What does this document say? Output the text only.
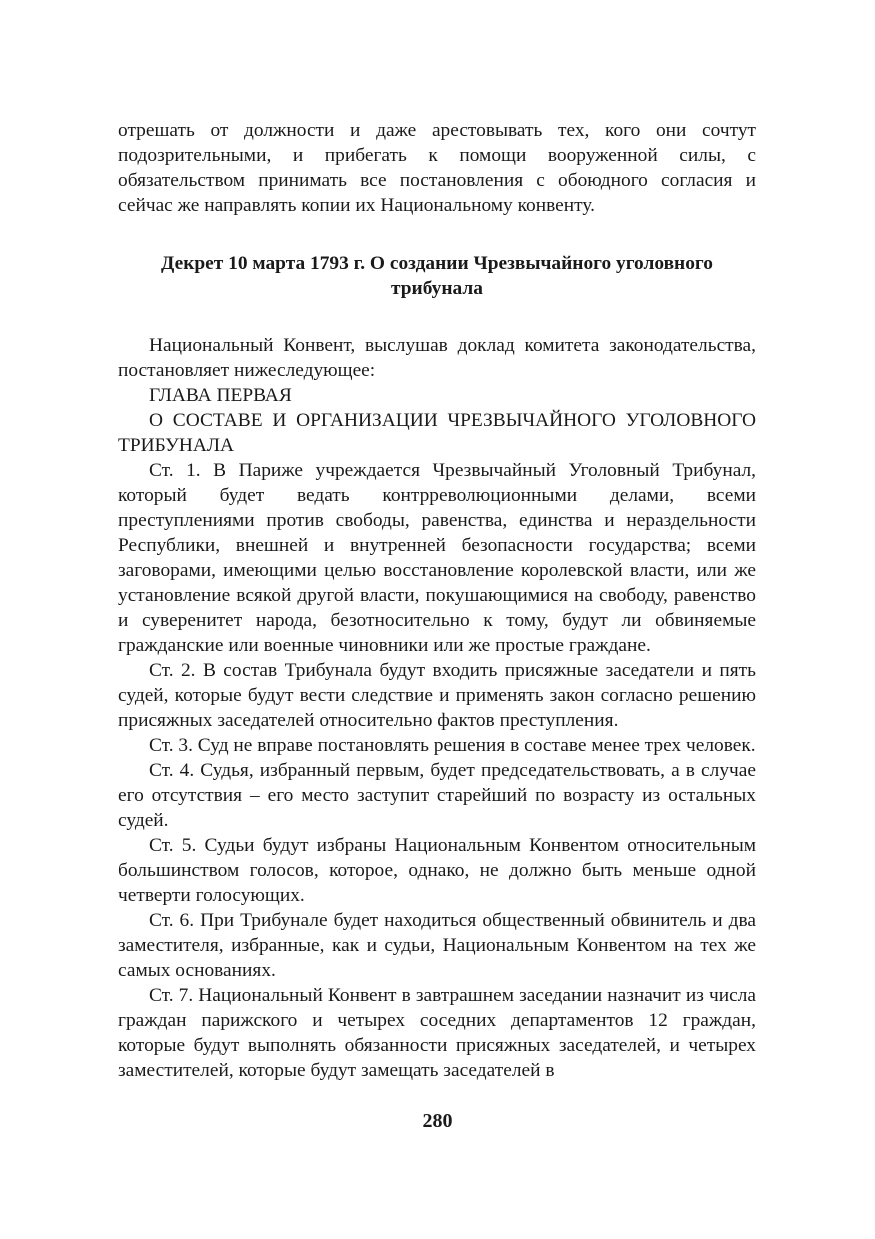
отрешать от должности и даже арестовывать тех, кого они сочтут подозрительными, и прибегать к помощи вооруженной силы, с обязательством принимать все постановления с обоюдного согласия и сейчас же направлять копии их Национальному конвенту.

Декрет 10 марта 1793 г. О создании Чрезвычайного уголовного трибунала

Национальный Конвент, выслушав доклад комитета законодательства, постановляет нижеследующее:

ГЛАВА ПЕРВАЯ

О СОСТАВЕ И ОРГАНИЗАЦИИ ЧРЕЗВЫЧАЙНОГО УГОЛОВНОГО ТРИБУНАЛА

Ст. 1. В Париже учреждается Чрезвычайный Уголовный Трибунал, который будет ведать контрреволюционными делами, всеми преступлениями против свободы, равенства, единства и нераздельности Республики, внешней и внутренней безопасности государства; всеми заговорами, имеющими целью восстановление королевской власти, или же установление всякой другой власти, покушающимися на свободу, равенство и суверенитет народа, безотносительно к тому, будут ли обвиняемые гражданские или военные чиновники или же простые граждане.

Ст. 2. В состав Трибунала будут входить присяжные заседатели и пять судей, которые будут вести следствие и применять закон согласно решению присяжных заседателей относительно фактов преступления.

Ст. 3. Суд не вправе постановлять решения в составе менее трех человек.

Ст. 4. Судья, избранный первым, будет председательствовать, а в случае его отсутствия – его место заступит старейший по возрасту из остальных судей.

Ст. 5. Судьи будут избраны Национальным Конвентом относительным большинством голосов, которое, однако, не должно быть меньше одной четверти голосующих.

Ст. 6. При Трибунале будет находиться общественный обвинитель и два заместителя, избранные, как и судьи, Национальным Конвентом на тех же самых основаниях.

Ст. 7. Национальный Конвент в завтрашнем заседании назначит из числа граждан парижского и четырех соседних департаментов 12 граждан, которые будут выполнять обязанности присяжных заседателей, и четырех заместителей, которые будут замещать заседателей в

280
